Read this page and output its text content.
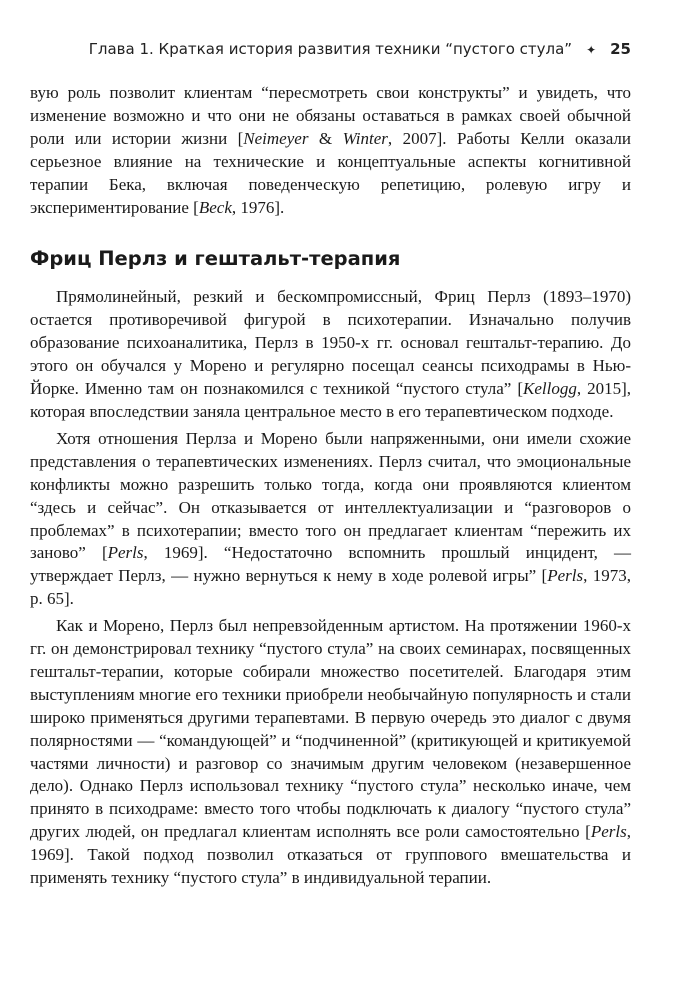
Глава 1. Краткая история развития техники “пустого стула” ✦ 25

вую роль позволит клиентам “пересмотреть свои конструкты” и увидеть, что изменение возможно и что они не обязаны оставаться в рамках своей обычной роли или истории жизни [Neimeyer & Winter, 2007]. Работы Келли оказали серьезное влияние на технические и концептуальные аспекты когнитивной терапии Бека, включая поведенческую репетицию, ролевую игру и экспериментирование [Beck, 1976].

Фриц Перлз и гештальт-терапия

Прямолинейный, резкий и бескомпромиссный, Фриц Перлз (1893–1970) остается противоречивой фигурой в психотерапии. Изначально получив образование психоаналитика, Перлз в 1950-х гг. основал гештальт-терапию. До этого он обучался у Морено и регулярно посещал сеансы психодрамы в Нью-Йорке. Именно там он познакомился с техникой “пустого стула” [Kellogg, 2015], которая впоследствии заняла центральное место в его терапевтическом подходе.

Хотя отношения Перлза и Морено были напряженными, они имели схожие представления о терапевтических изменениях. Перлз считал, что эмоциональные конфликты можно разрешить только тогда, когда они проявляются клиентом “здесь и сейчас”. Он отказывается от интеллектуализации и “разговоров о проблемах” в психотерапии; вместо того он предлагает клиентам “пережить их заново” [Perls, 1969]. “Недостаточно вспомнить прошлый инцидент, — утверждает Перлз, — нужно вернуться к нему в ходе ролевой игры” [Perls, 1973, p. 65].

Как и Морено, Перлз был непревзойденным артистом. На протяжении 1960-х гг. он демонстрировал технику “пустого стула” на своих семинарах, посвященных гештальт-терапии, которые собирали множество посетителей. Благодаря этим выступлениям многие его техники приобрели необычайную популярность и стали широко применяться другими терапевтами. В первую очередь это диалог с двумя полярностями — “командующей” и “подчиненной” (критикующей и критикуемой частями личности) и разговор со значимым другим человеком (незавершенное дело). Однако Перлз использовал технику “пустого стула” несколько иначе, чем принято в психодраме: вместо того чтобы подключать к диалогу “пустого стула” других людей, он предлагал клиентам исполнять все роли самостоятельно [Perls, 1969]. Такой подход позволил отказаться от группового вмешательства и применять технику “пустого стула” в индивидуальной терапии.
